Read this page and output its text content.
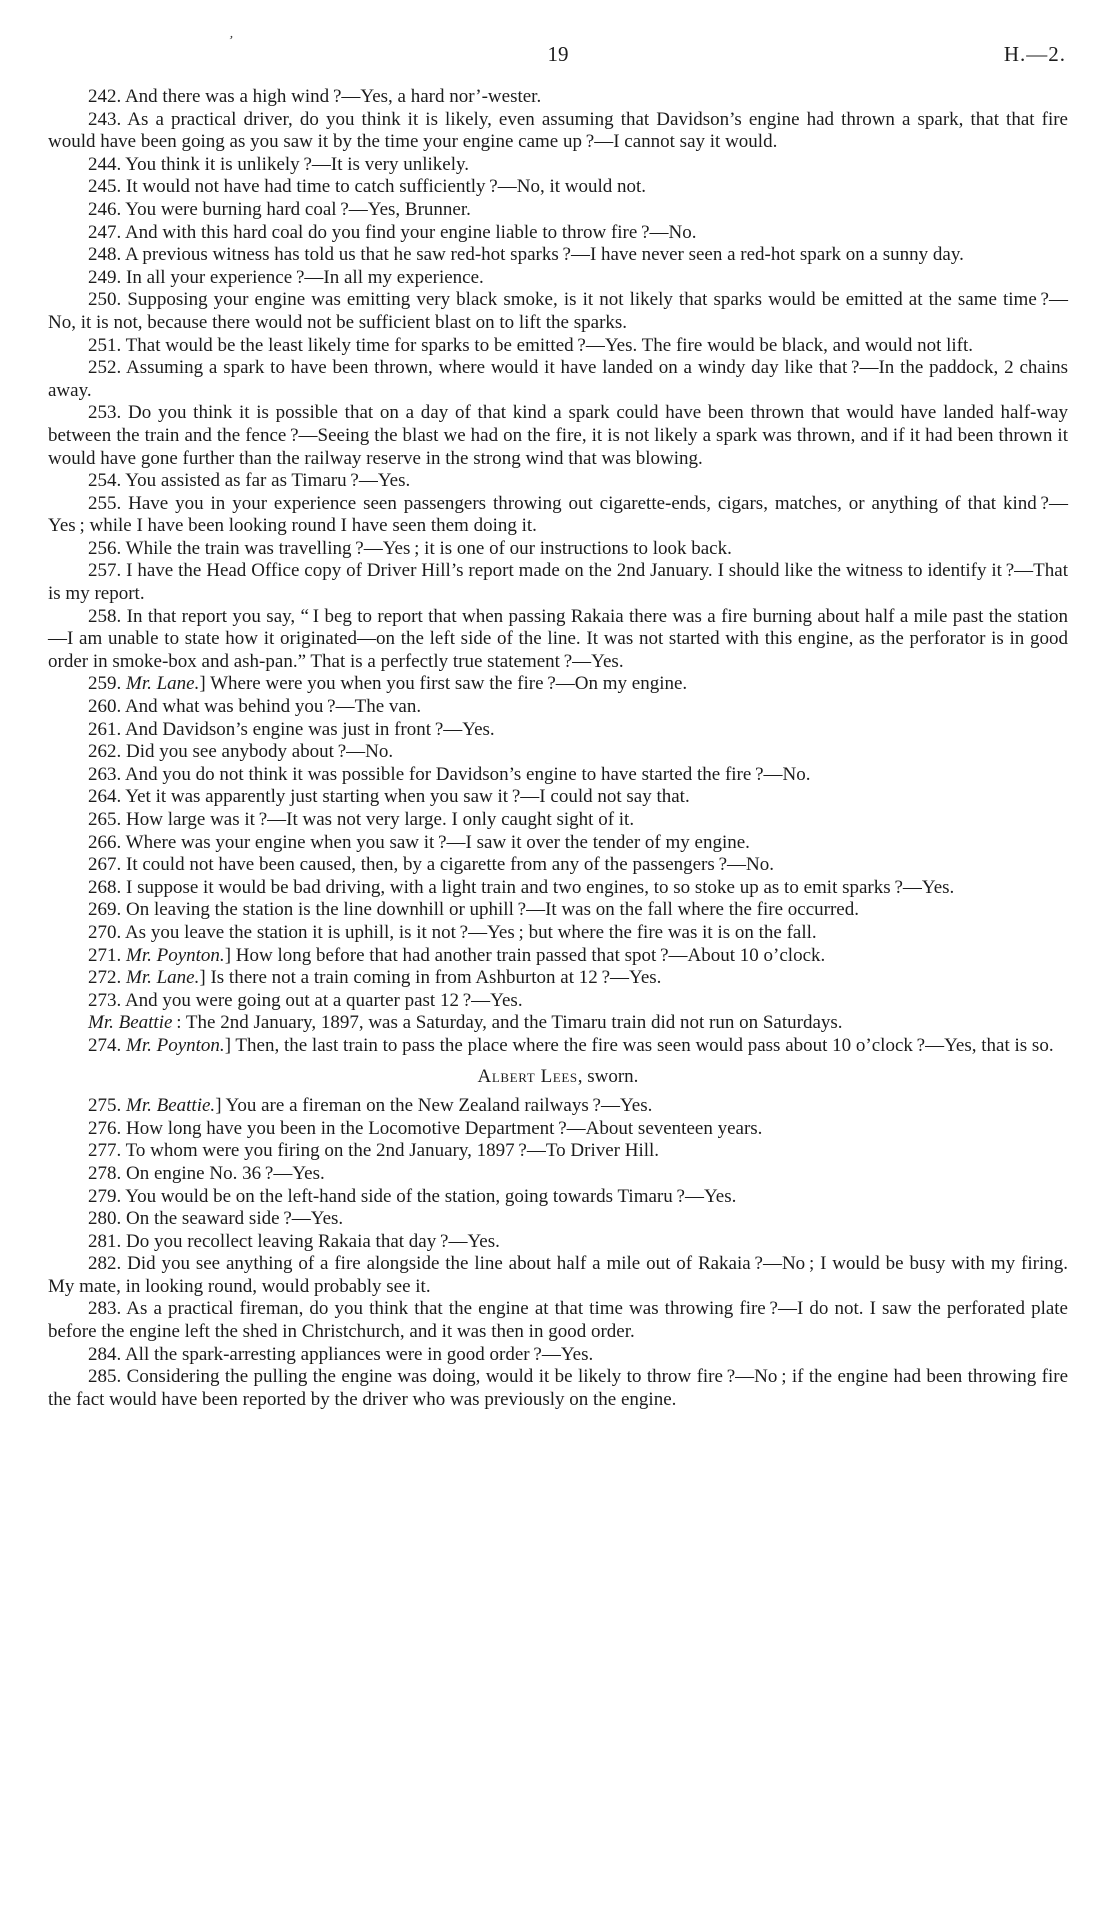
’
19	H.—2.

242. And there was a high wind ?—Yes, a hard nor’-wester.

243. As a practical driver, do you think it is likely, even assuming that Davidson’s engine had thrown a spark, that that fire would have been going as you saw it by the time your engine came up ?—I cannot say it would.

244. You think it is unlikely ?—It is very unlikely.

245. It would not have had time to catch sufficiently ?—No, it would not.

246. You were burning hard coal ?—Yes, Brunner.

247. And with this hard coal do you find your engine liable to throw fire ?—No.

248. A previous witness has told us that he saw red-hot sparks ?—I have never seen a red-hot spark on a sunny day.

249. In all your experience ?—In all my experience.

250. Supposing your engine was emitting very black smoke, is it not likely that sparks would be emitted at the same time ?—No, it is not, because there would not be sufficient blast on to lift the sparks.

251. That would be the least likely time for sparks to be emitted ?—Yes. The fire would be black, and would not lift.

252. Assuming a spark to have been thrown, where would it have landed on a windy day like that ?—In the paddock, 2 chains away.

253. Do you think it is possible that on a day of that kind a spark could have been thrown that would have landed half-way between the train and the fence ?—Seeing the blast we had on the fire, it is not likely a spark was thrown, and if it had been thrown it would have gone further than the railway reserve in the strong wind that was blowing.

254. You assisted as far as Timaru ?—Yes.

255. Have you in your experience seen passengers throwing out cigarette-ends, cigars, matches, or anything of that kind ?—Yes ; while I have been looking round I have seen them doing it.

256. While the train was travelling ?—Yes ; it is one of our instructions to look back.

257. I have the Head Office copy of Driver Hill’s report made on the 2nd January. I should like the witness to identify it ?—That is my report.

258. In that report you say, “ I beg to report that when passing Rakaia there was a fire burning about half a mile past the station—I am unable to state how it originated—on the left side of the line. It was not started with this engine, as the perforator is in good order in smoke-box and ash-pan.” That is a perfectly true statement ?—Yes.

259. Mr. Lane.] Where were you when you first saw the fire ?—On my engine.

260. And what was behind you ?—The van.

261. And Davidson’s engine was just in front ?—Yes.

262. Did you see anybody about ?—No.

263. And you do not think it was possible for Davidson’s engine to have started the fire ?—No.

264. Yet it was apparently just starting when you saw it ?—I could not say that.

265. How large was it ?—It was not very large. I only caught sight of it.

266. Where was your engine when you saw it ?—I saw it over the tender of my engine.

267. It could not have been caused, then, by a cigarette from any of the passengers ?—No.

268. I suppose it would be bad driving, with a light train and two engines, to so stoke up as to emit sparks ?—Yes.

269. On leaving the station is the line downhill or uphill ?—It was on the fall where the fire occurred.

270. As you leave the station it is uphill, is it not ?—Yes ; but where the fire was it is on the fall.

271. Mr. Poynton.] How long before that had another train passed that spot ?—About 10 o’clock.

272. Mr. Lane.] Is there not a train coming in from Ashburton at 12 ?—Yes.

273. And you were going out at a quarter past 12 ?—Yes.

Mr. Beattie : The 2nd January, 1897, was a Saturday, and the Timaru train did not run on Saturdays.

274. Mr. Poynton.] Then, the last train to pass the place where the fire was seen would pass about 10 o’clock ?—Yes, that is so.

Albert Lees, sworn.

275. Mr. Beattie.] You are a fireman on the New Zealand railways ?—Yes.

276. How long have you been in the Locomotive Department ?—About seventeen years.

277. To whom were you firing on the 2nd January, 1897 ?—To Driver Hill.

278. On engine No. 36 ?—Yes.

279. You would be on the left-hand side of the station, going towards Timaru ?—Yes.

280. On the seaward side ?—Yes.

281. Do you recollect leaving Rakaia that day ?—Yes.

282. Did you see anything of a fire alongside the line about half a mile out of Rakaia ?—No ; I would be busy with my firing. My mate, in looking round, would probably see it.

283. As a practical fireman, do you think that the engine at that time was throwing fire ?—I do not. I saw the perforated plate before the engine left the shed in Christchurch, and it was then in good order.

284. All the spark-arresting appliances were in good order ?—Yes.

285. Considering the pulling the engine was doing, would it be likely to throw fire ?—No ; if the engine had been throwing fire the fact would have been reported by the driver who was previously on the engine.
